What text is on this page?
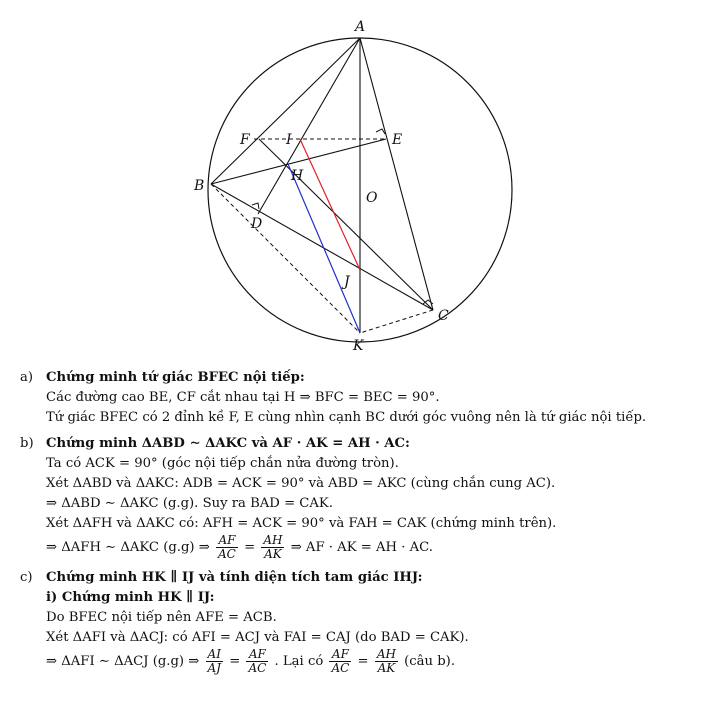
A
B
C
D
E
F
H
I
J
K
O
a) Chứng minh tứ giác BFEC nội tiếp:
Các đường cao BE, CF cắt nhau tại H ⇒ BFC = BEC = 90°.
Tứ giác BFEC có 2 đỉnh kề F, E cùng nhìn cạnh BC dưới góc vuông nên là tứ giác nội tiếp.
b) Chứng minh ΔABD ∼ ΔAKC và AF · AK = AH · AC:
Ta có ACK = 90° (góc nội tiếp chắn nửa đường tròn).
Xét ΔABD và ΔAKC: ADB = ACK = 90° và ABD = AKC (cùng chắn cung AC).
⇒ ΔABD ∼ ΔAKC (g.g). Suy ra BAD = CAK.
Xét ΔAFH và ΔAKC có: AFH = ACK = 90° và FAH = CAK (chứng minh trên).
⇒ ΔAFH ∼ ΔAKC (g.g) ⇒ $\frac{AF}{AC} = \frac{AH}{AK}$ ⇒ AF · AK = AH · AC.
c)	Chứng minh HK ∥ IJ và tính diện tích tam giác IHJ:
i) Chứng minh HK ∥ IJ:
Do BFEC nội tiếp nên AFE = ACB.
Xét ΔAFI và ΔACJ: có AFI = ACJ và FAI = CAJ (do BAD = CAK).
⇒ ΔAFI ∼ ΔACJ (g.g) ⇒ $\frac{AI}{AJ} = \frac{AF}{AC}$ . Lại có $\frac{AF}{AC} = \frac{AH}{AK}$ (câu b).
